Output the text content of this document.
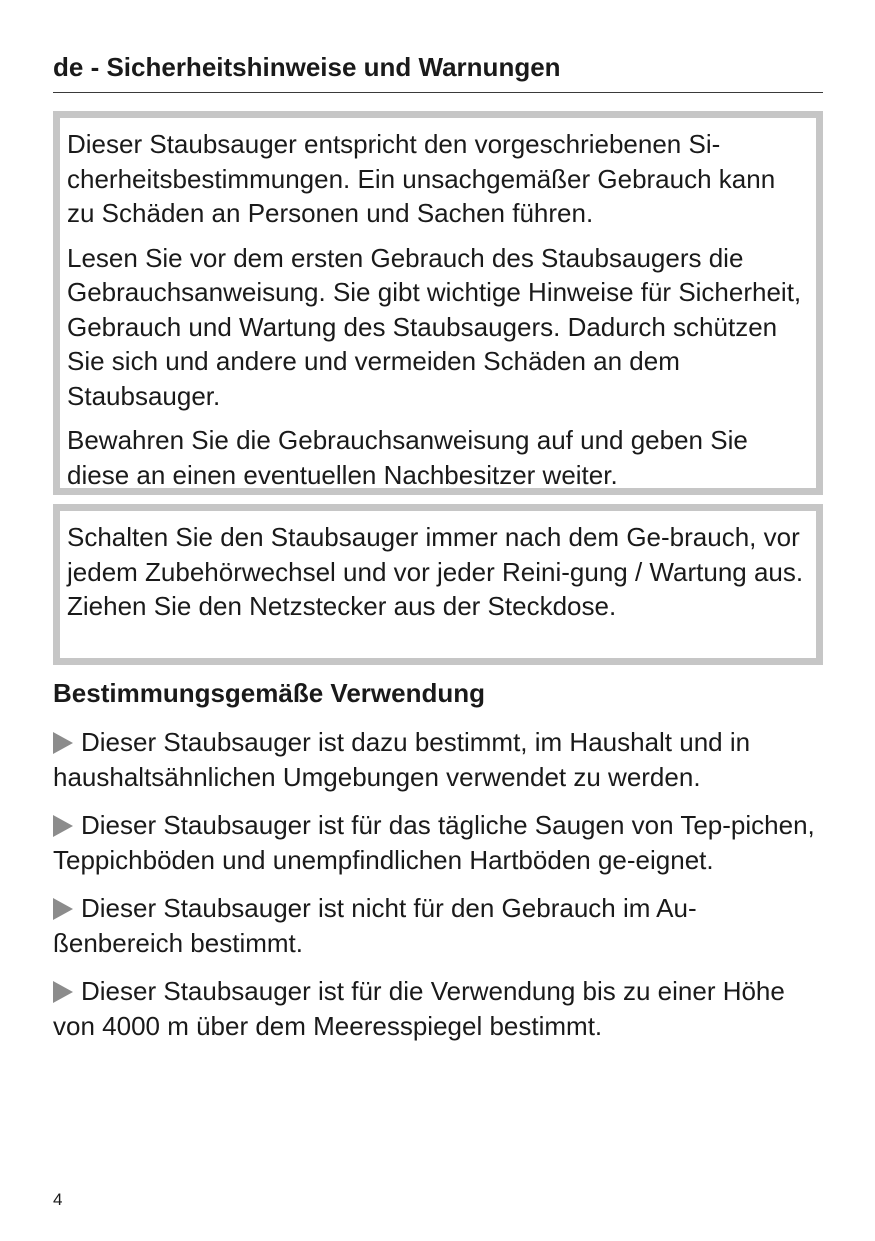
de - Sicherheitshinweise und Warnungen

Dieser Staubsauger entspricht den vorgeschriebenen Si-cherheitsbestimmungen. Ein unsachgemäßer Gebrauch kann zu Schäden an Personen und Sachen führen.

Lesen Sie vor dem ersten Gebrauch des Staubsaugers die Gebrauchsanweisung. Sie gibt wichtige Hinweise für Sicherheit, Gebrauch und Wartung des Staubsaugers. Dadurch schützen Sie sich und andere und vermeiden Schäden an dem Staubsauger.

Bewahren Sie die Gebrauchsanweisung auf und geben Sie diese an einen eventuellen Nachbesitzer weiter.

Schalten Sie den Staubsauger immer nach dem Ge-brauch, vor jedem Zubehörwechsel und vor jeder Reini-gung / Wartung aus. Ziehen Sie den Netzstecker aus der Steckdose.

Bestimmungsgemäße Verwendung
Dieser Staubsauger ist dazu bestimmt, im Haushalt und in haushaltsähnlichen Umgebungen verwendet zu werden.
Dieser Staubsauger ist für das tägliche Saugen von Tep-pichen, Teppichböden und unempfindlichen Hartböden ge-eignet.
Dieser Staubsauger ist nicht für den Gebrauch im Au-ßenbereich bestimmt.
Dieser Staubsauger ist für die Verwendung bis zu einer Höhe von 4000 m über dem Meeresspiegel bestimmt.
4
